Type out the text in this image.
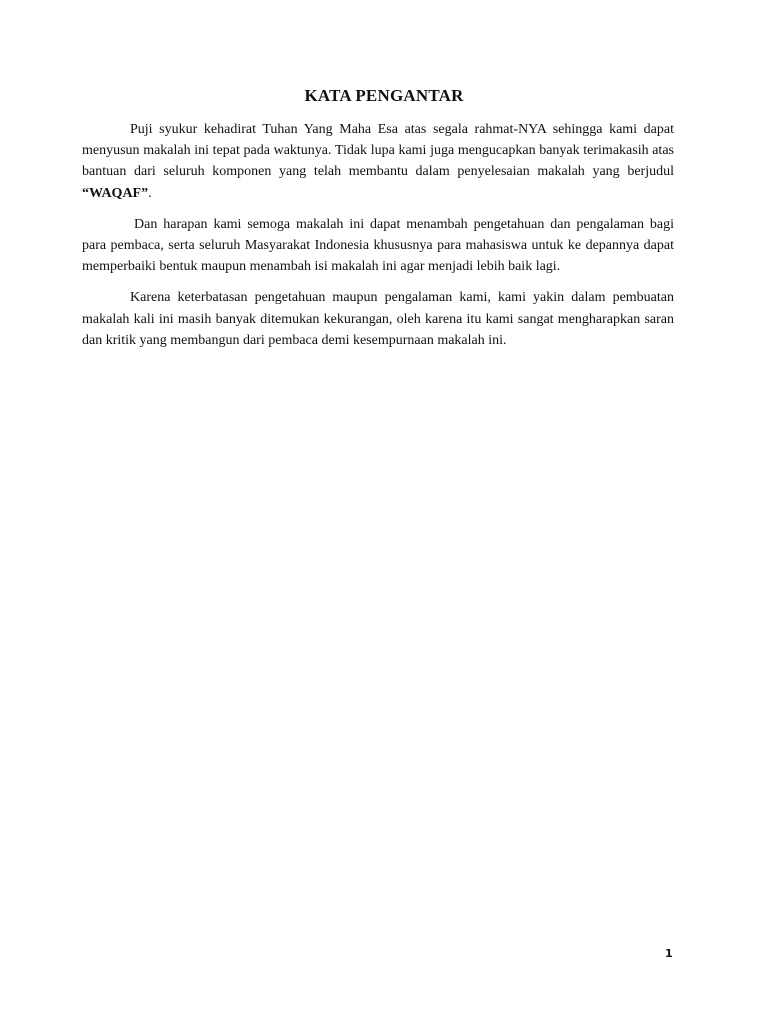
KATA PENGANTAR

Puji syukur kehadirat Tuhan Yang Maha Esa atas segala rahmat-NYA sehingga kami dapat menyusun makalah ini tepat pada waktunya. Tidak lupa kami juga mengucapkan banyak terimakasih atas bantuan dari seluruh komponen yang telah membantu dalam penyelesaian makalah yang berjudul “WAQAF”.

Dan harapan kami semoga makalah ini dapat menambah pengetahuan dan pengalaman bagi para pembaca, serta seluruh Masyarakat Indonesia khususnya para mahasiswa untuk ke depannya dapat memperbaiki bentuk maupun menambah isi makalah ini agar menjadi lebih baik lagi.

Karena keterbatasan pengetahuan maupun pengalaman kami, kami yakin dalam pembuatan makalah kali ini masih banyak ditemukan kekurangan, oleh karena itu kami sangat mengharapkan saran dan kritik yang membangun dari pembaca demi kesempurnaan makalah ini.

1
